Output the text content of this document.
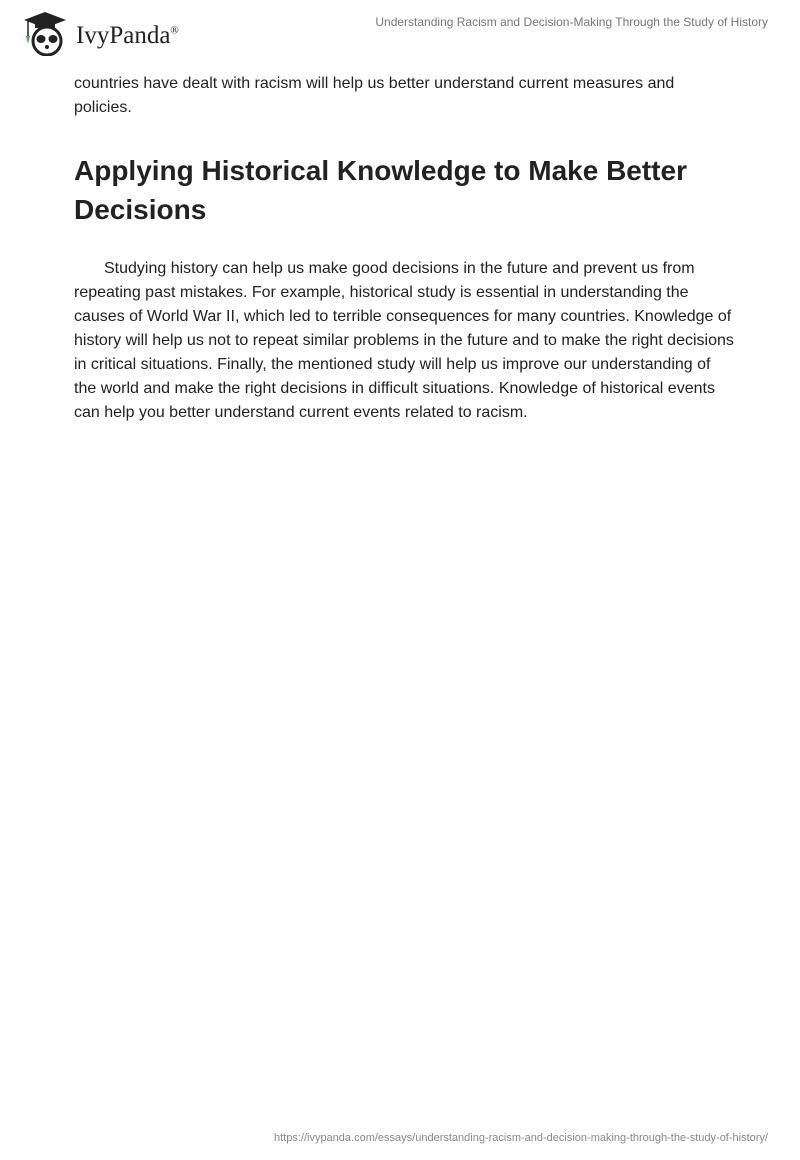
IvyPanda®
Understanding Racism and Decision-Making Through the Study of History

countries have dealt with racism will help us better understand current measures and policies.

Applying Historical Knowledge to Make Better Decisions

Studying history can help us make good decisions in the future and prevent us from repeating past mistakes. For example, historical study is essential in understanding the causes of World War II, which led to terrible consequences for many countries. Knowledge of history will help us not to repeat similar problems in the future and to make the right decisions in critical situations. Finally, the mentioned study will help us improve our understanding of the world and make the right decisions in difficult situations. Knowledge of historical events can help you better understand current events related to racism.

https://ivypanda.com/essays/understanding-racism-and-decision-making-through-the-study-of-history/
